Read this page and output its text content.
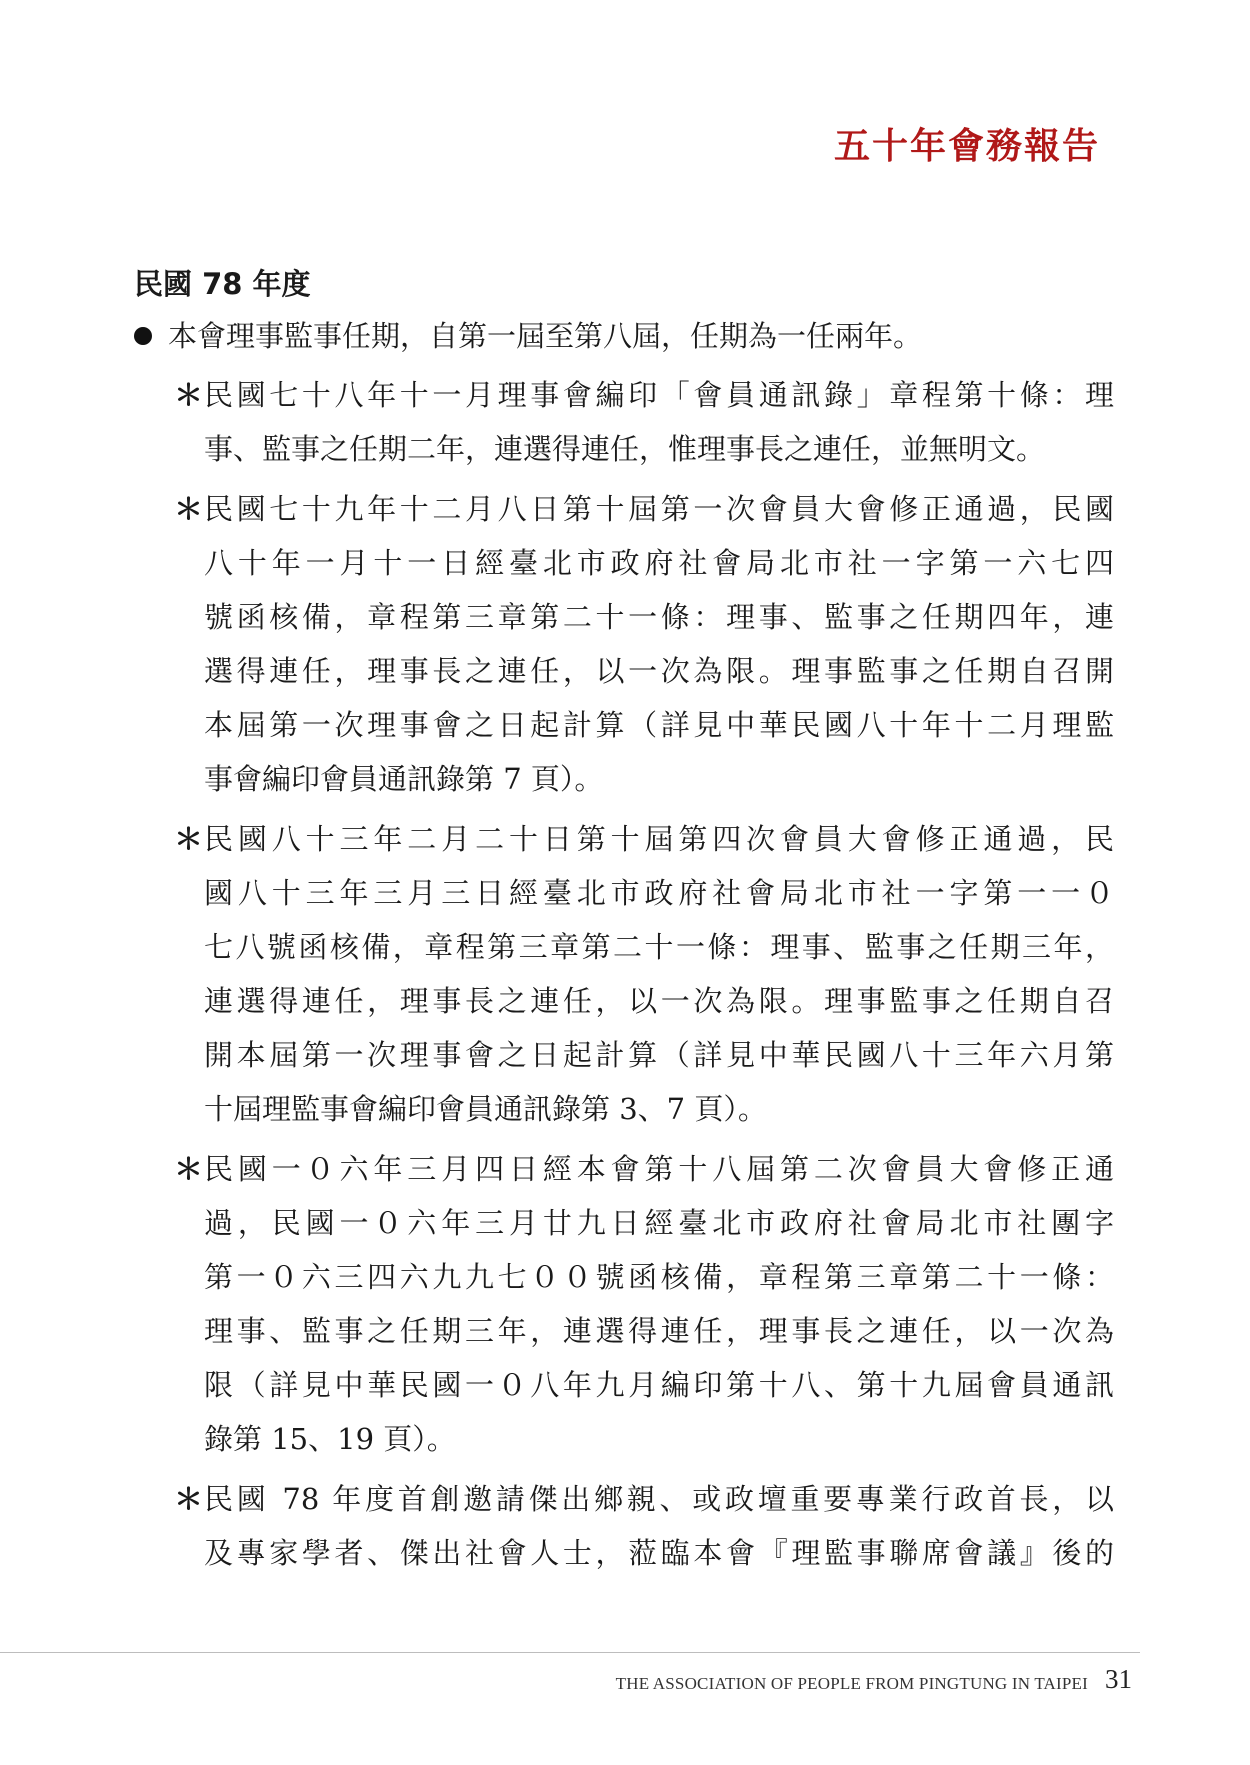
五十年會務報告
民國 78 年度
本會理事監事任期，自第一屆至第八屆，任期為一任兩年。
＊ 民國七十八年十一月理事會編印「會員通訊錄」章程第十條：理
事、監事之任期二年，連選得連任，惟理事長之連任，並無明文。
＊ 民國七十九年十二月八日第十屆第一次會員大會修正通過，民國
八十年一月十一日經臺北市政府社會局北市社一字第一六七四
號函核備，章程第三章第二十一條：理事、監事之任期四年，連
選得連任，理事長之連任，以一次為限。理事監事之任期自召開
本屆第一次理事會之日起計算（詳見中華民國八十年十二月理監
事會編印會員通訊錄第 7 頁）。
＊ 民國八十三年二月二十日第十屆第四次會員大會修正通過，民
國八十三年三月三日經臺北市政府社會局北市社一字第一一０
七八號函核備，章程第三章第二十一條：理事、監事之任期三年，
連選得連任，理事長之連任，以一次為限。理事監事之任期自召
開本屆第一次理事會之日起計算（詳見中華民國八十三年六月第
十屆理監事會編印會員通訊錄第 3、7 頁）。
＊ 民國一０六年三月四日經本會第十八屆第二次會員大會修正通
過，民國一０六年三月廿九日經臺北市政府社會局北市社團字
第一０六三四六九九七００號函核備，章程第三章第二十一條：
理事、監事之任期三年，連選得連任，理事長之連任，以一次為
限（詳見中華民國一０八年九月編印第十八、第十九屆會員通訊
錄第 15、19 頁）。
＊ 民國 78 年度首創邀請傑出鄉親、或政壇重要專業行政首長，以
及專家學者、傑出社會人士，蒞臨本會『理監事聯席會議』後的
THE ASSOCIATION OF PEOPLE FROM PINGTUNG IN TAIPEI 31
